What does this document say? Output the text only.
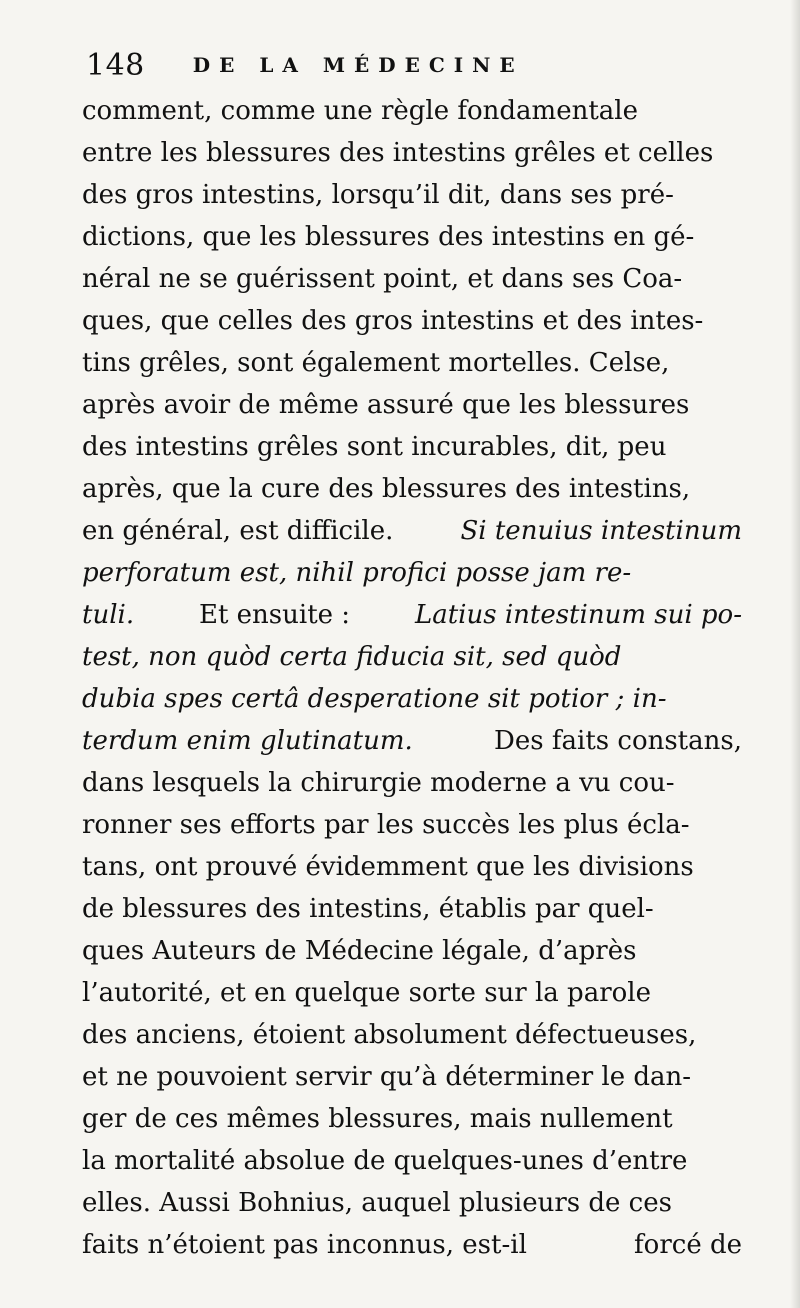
148 DE LA MÉDECINE
comment, comme une règle fondamentale
entre les blessures des intestins grêles et celles
des gros intestins, lorsqu’il dit, dans ses pré-
dictions, que les blessures des intestins en gé-
néral ne se guérissent point, et dans ses Coa-
ques, que celles des gros intestins et des intes-
tins grêles, sont également mortelles. Celse,
après avoir de même assuré que les blessures
des intestins grêles sont incurables, dit, peu
après, que la cure des blessures des intestins,
en général, est difficile.	Si tenuius intestinum
perforatum est, nihil profici posse jam re-
tuli. Et ensuite : Latius intestinum sui po-
test, non quòd certa fiducia sit, sed quòd
dubia spes certâ desperatione sit potior ; in-
terdum enim glutinatum.	Des faits constans,
dans lesquels la chirurgie moderne a vu cou-
ronner ses efforts par les succès les plus écla-
tans, ont prouvé évidemment que les divisions
de blessures des intestins, établis par quel-
ques Auteurs de Médecine légale, d’après
l’autorité, et en quelque sorte sur la parole
des anciens, étoient absolument défectueuses,
et ne pouvoient servir qu’à déterminer le dan-
ger de ces mêmes blessures, mais nullement
la mortalité absolue de quelques-unes d’entre
elles. Aussi Bohnius, auquel plusieurs de ces
faits n’étoient pas inconnus, est-il	forcé de
